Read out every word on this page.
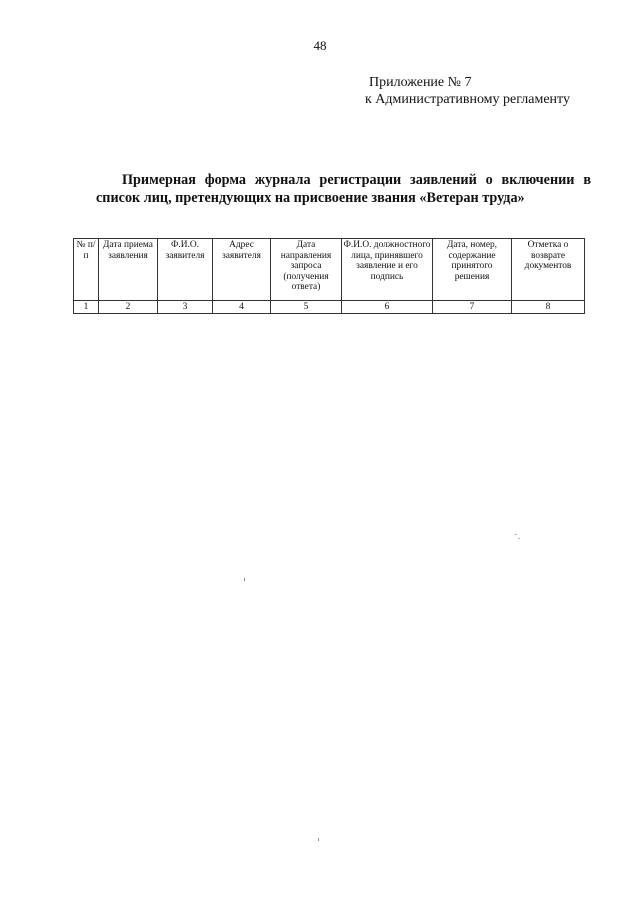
48
Приложение № 7
к Административному регламенту
Примерная форма журнала регистрации заявлений о включении в список лиц, претендующих на присвоение звания «Ветеран труда»
№ п/п	Дата приема заявления	Ф.И.О. заявителя	Адрес заявителя	Дата направления запроса (получения ответа)	Ф.И.О. должностного лица, принявшего заявление и его подпись	Дата, номер, содержание принятого решения	Отметка о возврате документов
1	2	3	4	5	6	7	8
